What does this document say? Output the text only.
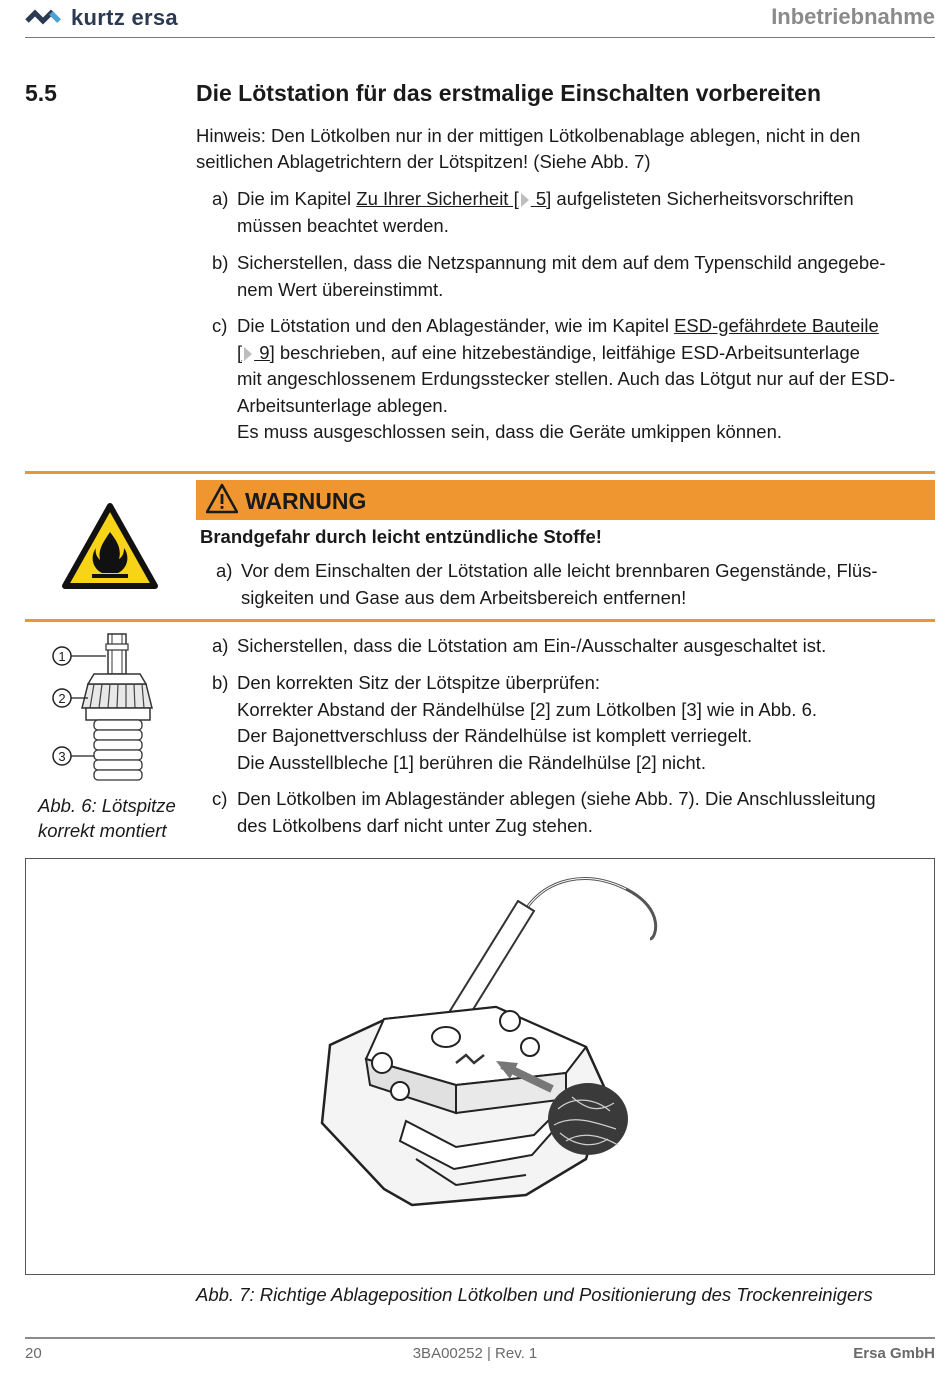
kurtz ersa	Inbetriebnahme
5.5	Die Lötstation für das erstmalige Einschalten vorbereiten
Hinweis: Den Lötkolben nur in der mittigen Lötkolbenablage ablegen, nicht in den
seitlichen Ablagetrichtern der Lötspitzen! (Siehe Abb. 7)
a) Die im Kapitel Zu Ihrer Sicherheit [ 5] aufgelisteten Sicherheitsvorschriften
müssen beachtet werden.
b) Sicherstellen, dass die Netzspannung mit dem auf dem Typenschild angegebe-
nem Wert übereinstimmt.
c) Die Lötstation und den Ablageständer, wie im Kapitel ESD-gefährdete Bauteile
[ 9] beschrieben, auf eine hitzebeständige, leitfähige ESD-Arbeitsunterlage
mit angeschlossenem Erdungsstecker stellen. Auch das Lötgut nur auf der ESD-
Arbeitsunterlage ablegen.
Es muss ausgeschlossen sein, dass die Geräte umkippen können.
WARNUNG
Brandgefahr durch leicht entzündliche Stoffe!
a) Vor dem Einschalten der Lötstation alle leicht brennbaren Gegenstände, Flüs-
sigkeiten und Gase aus dem Arbeitsbereich entfernen!
1
2
3
Abb. 6: Lötspitze
korrekt montiert
a) Sicherstellen, dass die Lötstation am Ein-/Ausschalter ausgeschaltet ist.
b) Den korrekten Sitz der Lötspitze überprüfen:
Korrekter Abstand der Rändelhülse [2] zum Lötkolben [3] wie in Abb. 6.
Der Bajonettverschluss der Rändelhülse ist komplett verriegelt.
Die Ausstellbleche [1] berühren die Rändelhülse [2] nicht.
c) Den Lötkolben im Ablageständer ablegen (siehe Abb. 7). Die Anschlussleitung
des Lötkolbens darf nicht unter Zug stehen.
Abb. 7: Richtige Ablageposition Lötkolben und Positionierung des Trockenreinigers
20	3BA00252 | Rev. 1	Ersa GmbH
